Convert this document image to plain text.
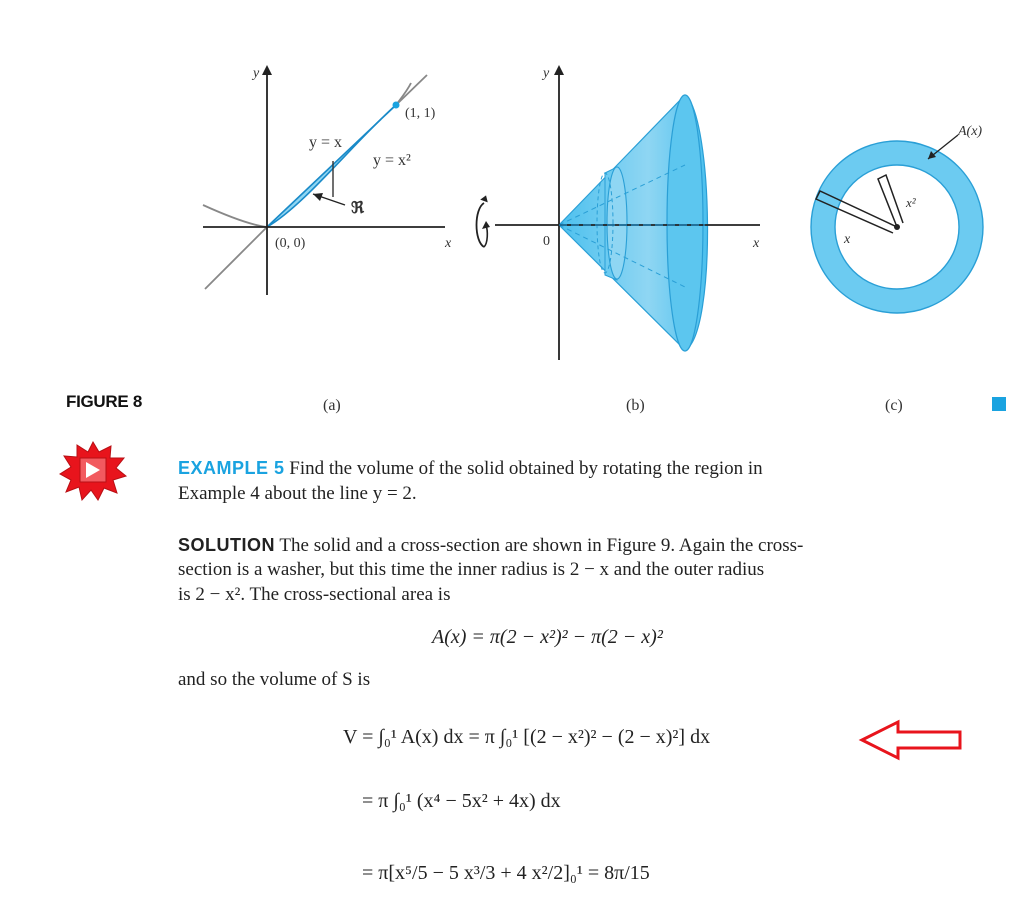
y
y = x
y = x²
(1, 1)
ℜ
(0, 0)	x
y
0	x
A(x)
x
x²
FIGURE 8	(a)	(b)	(c)
EXAMPLE 5 Find the volume of the solid obtained by rotating the region in
Example 4 about the line y = 2.
SOLUTION The solid and a cross-section are shown in Figure 9. Again the cross-
section is a washer, but this time the inner radius is 2 − x and the outer radius
is 2 − x². The cross-sectional area is
A(x) = π(2 − x²)² − π(2 − x)²
and so the volume of S is
V = ∫₀¹ A(x) dx = π ∫₀¹ [(2 − x²)² − (2 − x)²] dx
= π ∫₀¹ (x⁴ − 5x² + 4x) dx
= π[x⁵/5 − 5 x³/3 + 4 x²/2]₀¹ = 8π/15
